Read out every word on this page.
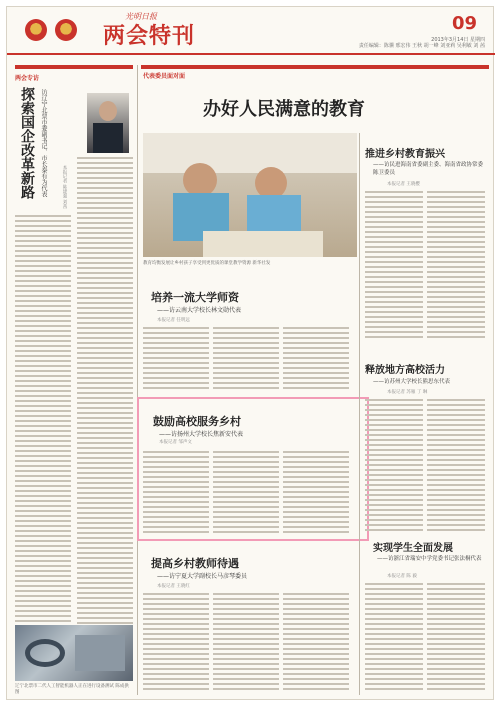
光明日报
两会特刊	09
2013年3月14日 星期四
责任编辑：陈骥 邢宏伟 王秋 胡一峰 刘亚莉 吴利敏 刘 茜
两会专访
探索国企改革新路 访辽宁北票市委副书记、市长秦有为代表	本报记者 陈建强 刘茜
辽宁北票市二代人工智能机器人正在进行设备测试 陈成供图
代表委员面对面
办好人民满意的教育
教育均衡发展让乡村孩子享受到更优质的课堂教学资源 新华社发
培养一流大学师资
——访云南大学校长林文勋代表
本报记者 任明远
鼓励高校服务乡村
——访扬州大学校长焦新安代表
本报记者 邹声文
提高乡村教师待遇
——访宁夏大学副校长马彦琴委员
本报记者 王晓红
推进乡村教育振兴
——访民进海南省委副主委、海南省政协常委陈卫委员
本报记者 王晓樱
释放地方高校活力
——访苏州大学校长熊思东代表
本报记者 苏雁 丁 琳
实现学生全面发展
——访浙江省瑞安中学党委书记张法桐代表
本报记者 陈 毅
